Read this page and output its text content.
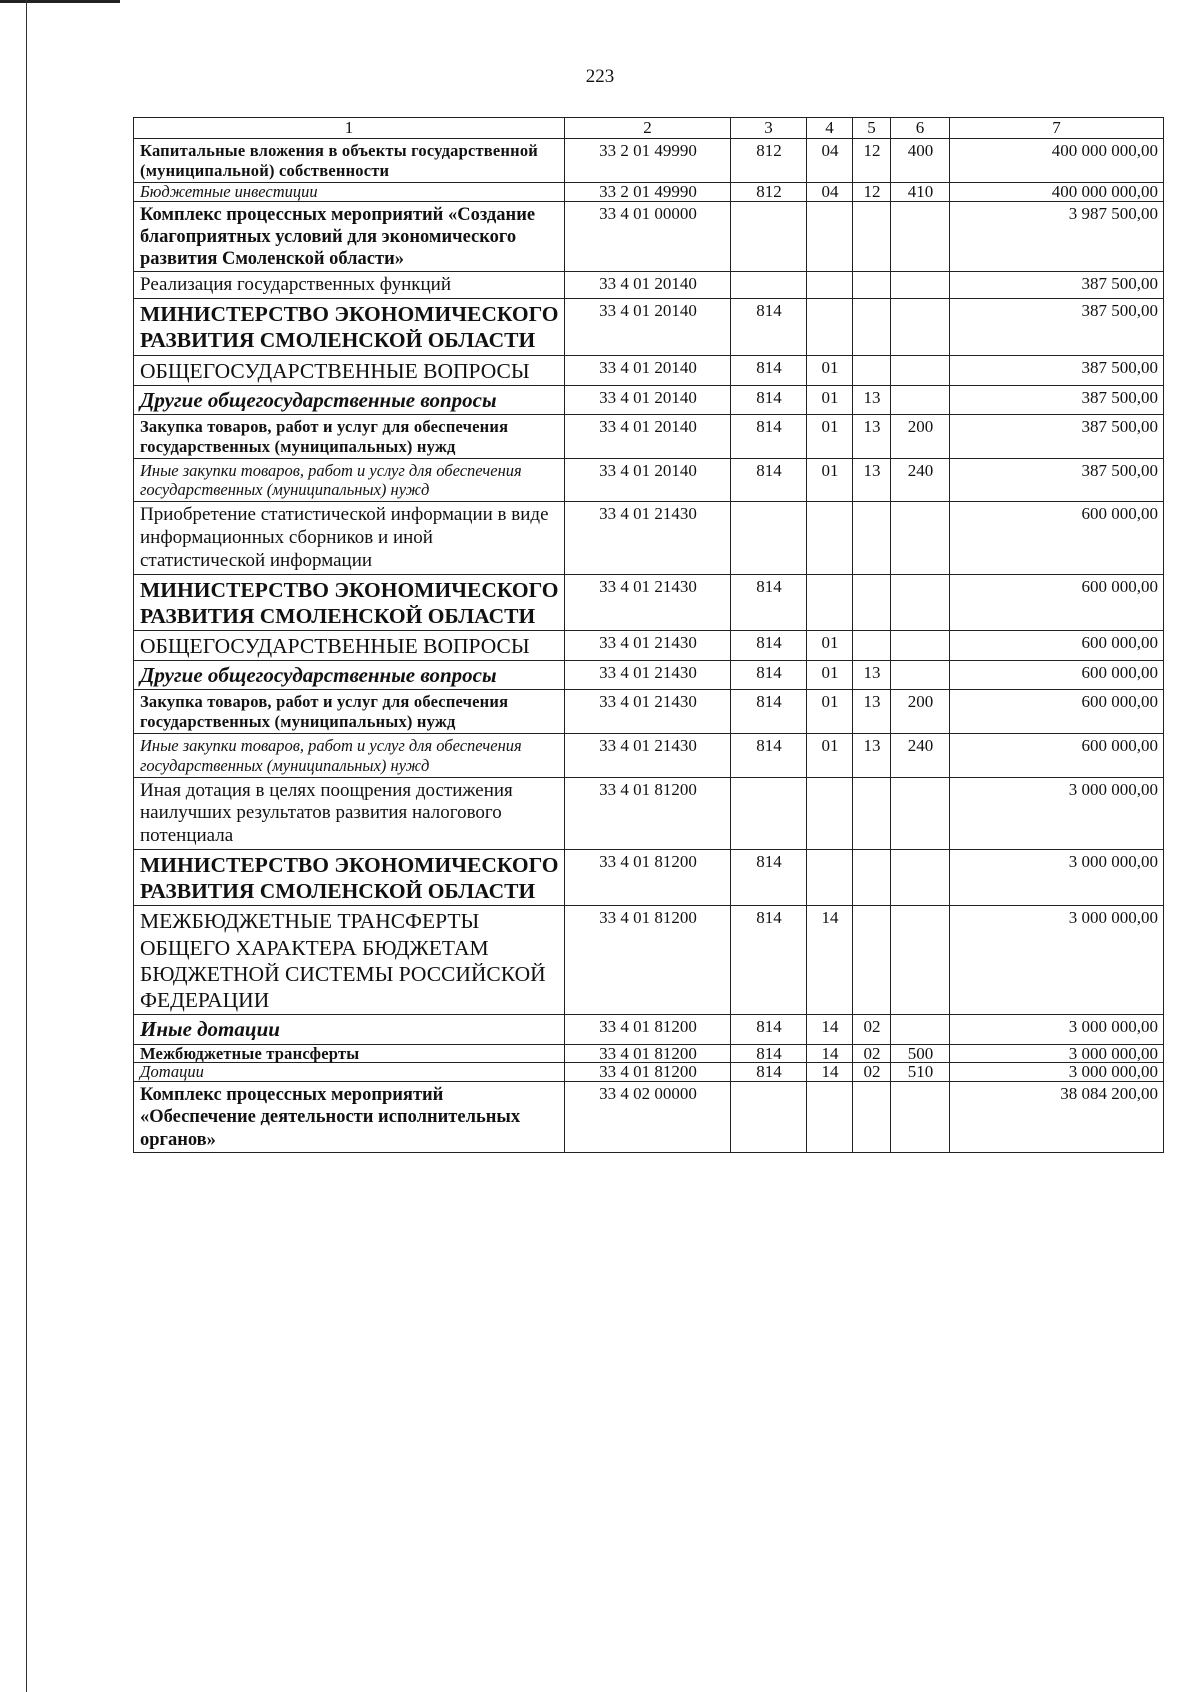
223
1	2	3	4	5	6	7
Капитальные вложения в объекты государственной (муниципальной) собственности	33 2 01 49990	812	04	12	400	400 000 000,00
Бюджетные инвестиции	33 2 01 49990	812	04	12	410	400 000 000,00
Комплекс процессных мероприятий «Создание благоприятных условий для экономического развития Смоленской области»	33 4 01 00000					3 987 500,00
Реализация государственных функций	33 4 01 20140					387 500,00
МИНИСТЕРСТВО ЭКОНОМИЧЕСКОГО РАЗВИТИЯ СМОЛЕНСКОЙ ОБЛАСТИ	33 4 01 20140	814				387 500,00
ОБЩЕГОСУДАРСТВЕННЫЕ ВОПРОСЫ	33 4 01 20140	814	01			387 500,00
Другие общегосударственные вопросы	33 4 01 20140	814	01	13		387 500,00
Закупка товаров, работ и услуг для обеспечения государственных (муниципальных) нужд	33 4 01 20140	814	01	13	200	387 500,00
Иные закупки товаров, работ и услуг для обеспечения государственных (муниципальных) нужд	33 4 01 20140	814	01	13	240	387 500,00
Приобретение статистической информации в виде информационных сборников и иной статистической информации	33 4 01 21430					600 000,00
МИНИСТЕРСТВО ЭКОНОМИЧЕСКОГО РАЗВИТИЯ СМОЛЕНСКОЙ ОБЛАСТИ	33 4 01 21430	814				600 000,00
ОБЩЕГОСУДАРСТВЕННЫЕ ВОПРОСЫ	33 4 01 21430	814	01			600 000,00
Другие общегосударственные вопросы	33 4 01 21430	814	01	13		600 000,00
Закупка товаров, работ и услуг для обеспечения государственных (муниципальных) нужд	33 4 01 21430	814	01	13	200	600 000,00
Иные закупки товаров, работ и услуг для обеспечения государственных (муниципальных) нужд	33 4 01 21430	814	01	13	240	600 000,00
Иная дотация в целях поощрения достижения наилучших результатов развития налогового потенциала	33 4 01 81200					3 000 000,00
МИНИСТЕРСТВО ЭКОНОМИЧЕСКОГО РАЗВИТИЯ СМОЛЕНСКОЙ ОБЛАСТИ	33 4 01 81200	814				3 000 000,00
МЕЖБЮДЖЕТНЫЕ ТРАНСФЕРТЫ ОБЩЕГО ХАРАКТЕРА БЮДЖЕТАМ БЮДЖЕТНОЙ СИСТЕМЫ РОССИЙСКОЙ ФЕДЕРАЦИИ	33 4 01 81200	814	14			3 000 000,00
Иные дотации	33 4 01 81200	814	14	02		3 000 000,00
Межбюджетные трансферты	33 4 01 81200	814	14	02	500	3 000 000,00
Дотации	33 4 01 81200	814	14	02	510	3 000 000,00
Комплекс процессных мероприятий «Обеспечение деятельности исполнительных органов»	33 4 02 00000					38 084 200,00
